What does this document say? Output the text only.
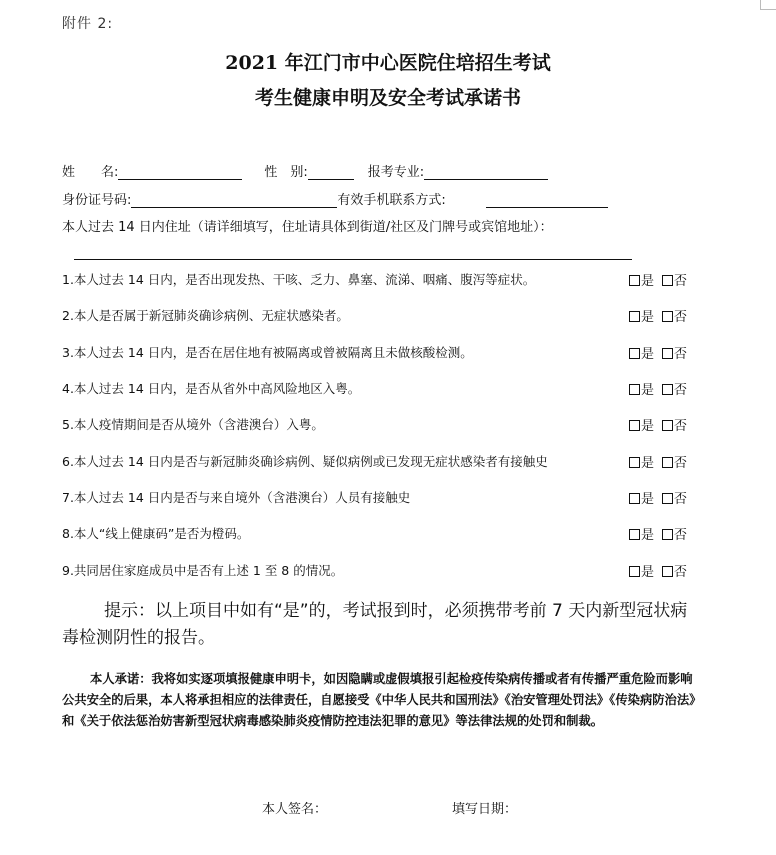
附件 2:
2021 年江门市中心医院住培招生考试
考生健康申明及安全考试承诺书
姓　　名:	性　别:	报考专业:
身份证号码:	有效手机联系方式:
本人过去 14 日内住址（请详细填写，住址请具体到街道/社区及门牌号或宾馆地址）：
1.本人过去 14 日内，是否出现发热、干咳、乏力、鼻塞、流涕、咽痛、腹泻等症状。	是 否
2.本人是否属于新冠肺炎确诊病例、无症状感染者。	是 否
3.本人过去 14 日内，是否在居住地有被隔离或曾被隔离且未做核酸检测。	是 否
4.本人过去 14 日内，是否从省外中高风险地区入粤。	是 否
5.本人疫情期间是否从境外（含港澳台）入粤。	是 否
6.本人过去 14 日内是否与新冠肺炎确诊病例、疑似病例或已发现无症状感染者有接触史	是 否
7.本人过去 14 日内是否与来自境外（含港澳台）人员有接触史	是 否
8.本人“线上健康码”是否为橙码。	是 否
9.共同居住家庭成员中是否有上述 1 至 8 的情况。	是 否
提示：以上项目中如有“是”的，考试报到时，必须携带考前 7 天内新型冠状病毒检测阴性的报告。
本人承诺：我将如实逐项填报健康申明卡，如因隐瞒或虚假填报引起检疫传染病传播或者有传播严重危险而影响公共安全的后果，本人将承担相应的法律责任，自愿接受《中华人民共和国刑法》《治安管理处罚法》《传染病防治法》和《关于依法惩治妨害新型冠状病毒感染肺炎疫情防控违法犯罪的意见》等法律法规的处罚和制裁。
本人签名：	填写日期：
